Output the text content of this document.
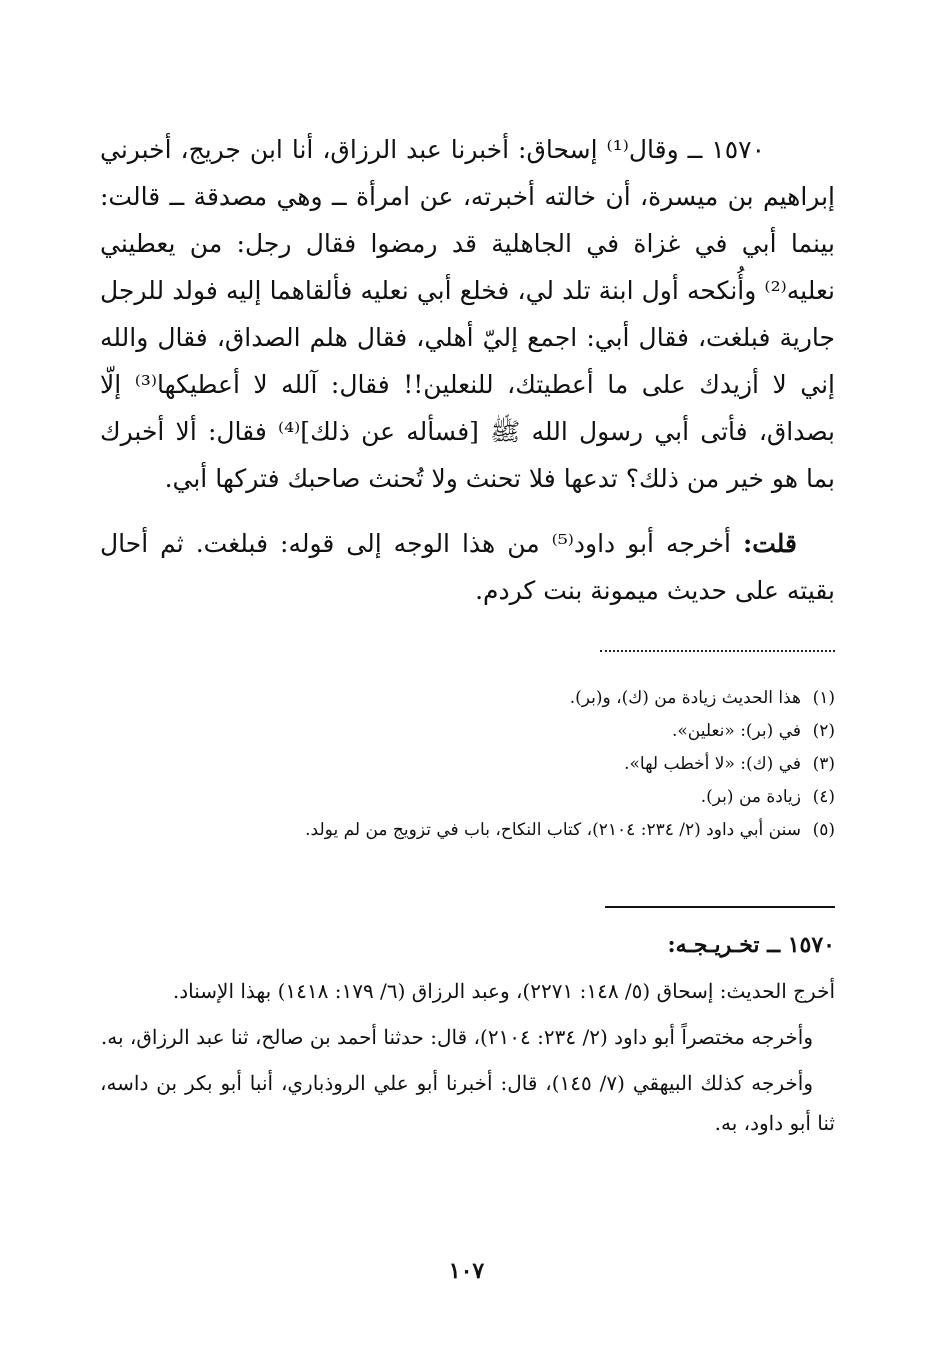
١٥٧٠ ــ وقال⁽¹⁾ إسحاق: أخبرنا عبد الرزاق، أنا ابن جريج، أخبرني إبراهيم بن ميسرة، أن خالته أخبرته، عن امرأة ــ وهي مصدقة ــ قالت: بينما أبي في غزاة في الجاهلية قد رمضوا فقال رجل: من يعطيني نعليه⁽²⁾ وأُنكحه أول ابنة تلد لي، فخلع أبي نعليه فألقاهما إليه فولد للرجل جارية فبلغت، فقال أبي: اجمع إليّ أهلي، فقال هلم الصداق، فقال والله إني لا أزيدك على ما أعطيتك، للنعلين!! فقال: آلله لا أعطيكها⁽³⁾ إلّا بصداق، فأتى أبي رسول الله ﷺ [فسأله عن ذلك]⁽⁴⁾ فقال: ألا أخبرك بما هو خير من ذلك؟ تدعها فلا تحنث ولا تُحنث صاحبك فتركها أبي.

قلت: أخرجه أبو داود⁽⁵⁾ من هذا الوجه إلى قوله: فبلغت. ثم أحال بقيته على حديث ميمونة بنت كردم.

(١)هذا الحديث زيادة من (ك)، و(بر).

(٢)في (بر): «نعلين».

(٣)في (ك): «لا أخطب لها».

(٤)زيادة من (بر).

(٥)سنن أبي داود (٢/ ٢٣٤: ٢١٠٤)، كتاب النكاح، باب في تزويج من لم يولد.

١٥٧٠ ــ تخـريـجـه:

أخرج الحديث: إسحاق (٥/ ١٤٨: ٢٢٧١)، وعبد الرزاق (٦/ ١٧٩: ١٤١٨) بهذا الإسناد.

وأخرجه مختصراً أبو داود (٢/ ٢٣٤: ٢١٠٤)، قال: حدثنا أحمد بن صالح، ثنا عبد الرزاق، به.

وأخرجه كذلك البيهقي (٧/ ١٤٥)، قال: أخبرنا أبو علي الروذباري، أنبا أبو بكر بن داسه، ثنا أبو داود، به.

١٠٧
